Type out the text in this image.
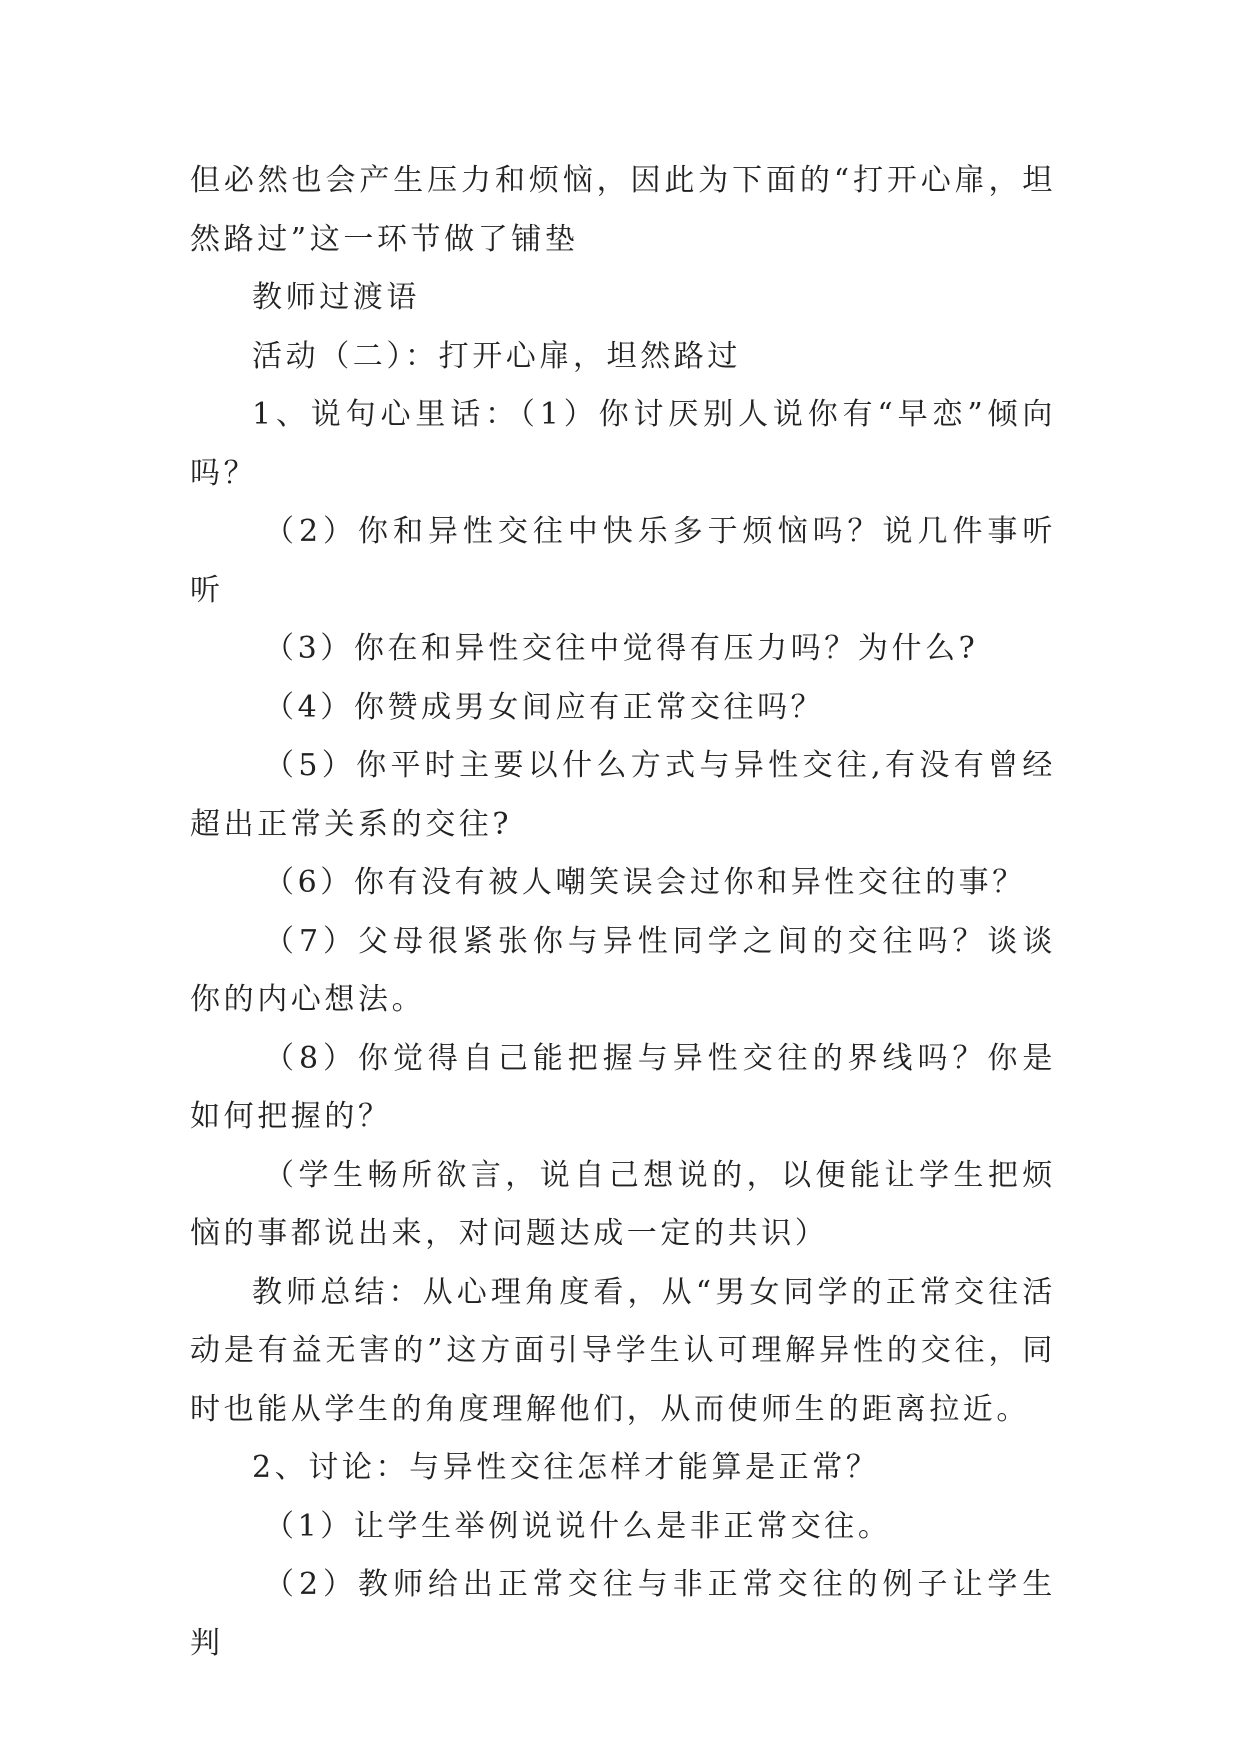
但必然也会产生压力和烦恼，因此为下面的“打开心扉，坦然路过”这一环节做了铺垫

教师过渡语

活动（二）：打开心扉，坦然路过

1、说句心里话：（1）你讨厌别人说你有“早恋”倾向吗？

（2）你和异性交往中快乐多于烦恼吗？说几件事听听

（3）你在和异性交往中觉得有压力吗？为什么?

（4）你赞成男女间应有正常交往吗？

（5）你平时主要以什么方式与异性交往,有没有曾经超出正常关系的交往?

（6）你有没有被人嘲笑误会过你和异性交往的事？

（7）父母很紧张你与异性同学之间的交往吗？谈谈你的内心想法。

（8）你觉得自己能把握与异性交往的界线吗？你是如何把握的？

（学生畅所欲言，说自己想说的，以便能让学生把烦恼的事都说出来，对问题达成一定的共识）

教师总结：从心理角度看，从“男女同学的正常交往活动是有益无害的”这方面引导学生认可理解异性的交往，同时也能从学生的角度理解他们，从而使师生的距离拉近。

2、讨论：与异性交往怎样才能算是正常？

（1）让学生举例说说什么是非正常交往。

（2）教师给出正常交往与非正常交往的例子让学生判
